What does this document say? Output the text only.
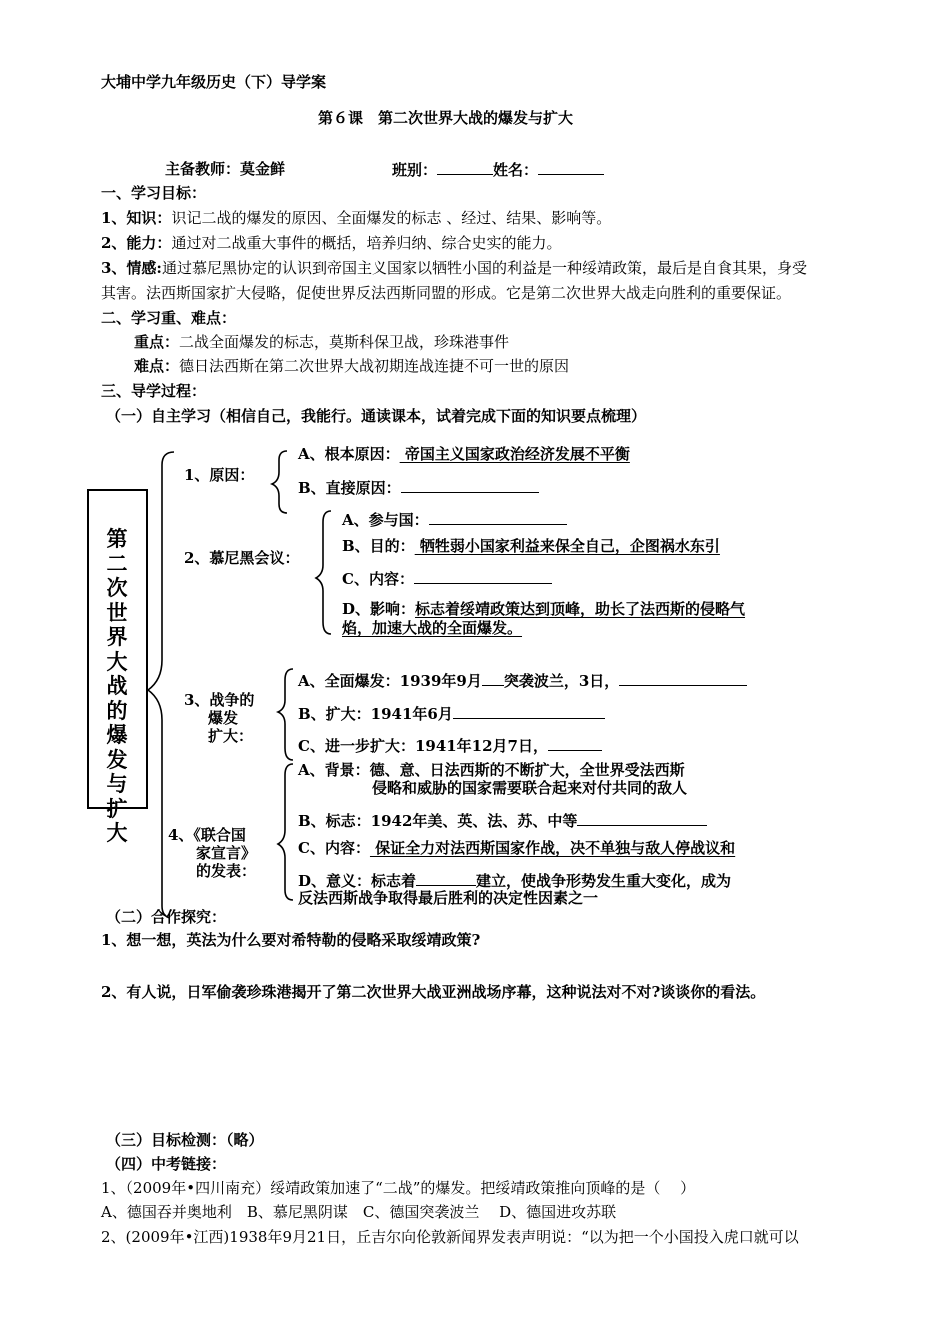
大埔中学九年级历史（下）导学案
第６课　第二次世界大战的爆发与扩大
主备教师：莫金鲜	班别：	姓名：
一、学习目标：
1、知识：识记二战的爆发的原因、全面爆发的标志 、经过、结果、影响等。
2、能力：通过对二战重大事件的概括，培养归纳、综合史实的能力。
3、情感:通过慕尼黑协定的认识到帝国主义国家以牺牲小国的利益是一种绥靖政策，最后是自食其果，身受
其害。法西斯国家扩大侵略，促使世界反法西斯同盟的形成。它是第二次世界大战走向胜利的重要保证。
二、学习重、难点：
重点：二战全面爆发的标志，莫斯科保卫战，珍珠港事件
难点：德日法西斯在第二次世界大战初期连战连捷不可一世的原因
三、导学过程：
（一）自主学习（相信自己，我能行。通读课本，试着完成下面的知识要点梳理）
第二次世界大战的爆发与扩大
1、原因：
A、根本原因： 帝国主义国家政治经济发展不平衡
B、直接原因：
2、慕尼黑会议：
A、参与国：
B、目的： 牺牲弱小国家利益来保全自己，企图祸水东引
C、内容：
D、影响：标志着绥靖政策达到顶峰，助长了法西斯的侵略气
焰，加速大战的全面爆发。
3、战争的
爆发
扩大：
A、全面爆发：1939年9月 突袭波兰，3日，
B、扩大：1941年6月
C、进一步扩大：1941年12月7日，
4、《联合国
家宣言》
的发表：
A、背景：德、意、日法西斯的不断扩大，全世界受法西斯
侵略和威胁的国家需要联合起来对付共同的敌人
B、标志：1942年美、英、法、苏、中等
C、内容： 保证全力对法西斯国家作战，决不单独与敌人停战议和
D、意义：标志着	建立，使战争形势发生重大变化，成为
反法西斯战争取得最后胜利的决定性因素之一
（二）合作探究：
1、想一想，英法为什么要对希特勒的侵略采取绥靖政策?
2、有人说，日军偷袭珍珠港揭开了第二次世界大战亚洲战场序幕，这种说法对不对?谈谈你的看法。
（三）目标检测：（略）
（四）中考链接：
1、（2009年•四川南充）绥靖政策加速了“二战”的爆发。把绥靖政策推向顶峰的是（　 ）
A、德国吞并奥地利　B、慕尼黑阴谋　C、德国突袭波兰　 D、德国进攻苏联
2、(2009年•江西)1938年9月21日，丘吉尔向伦敦新闻界发表声明说：“以为把一个小国投入虎口就可以
